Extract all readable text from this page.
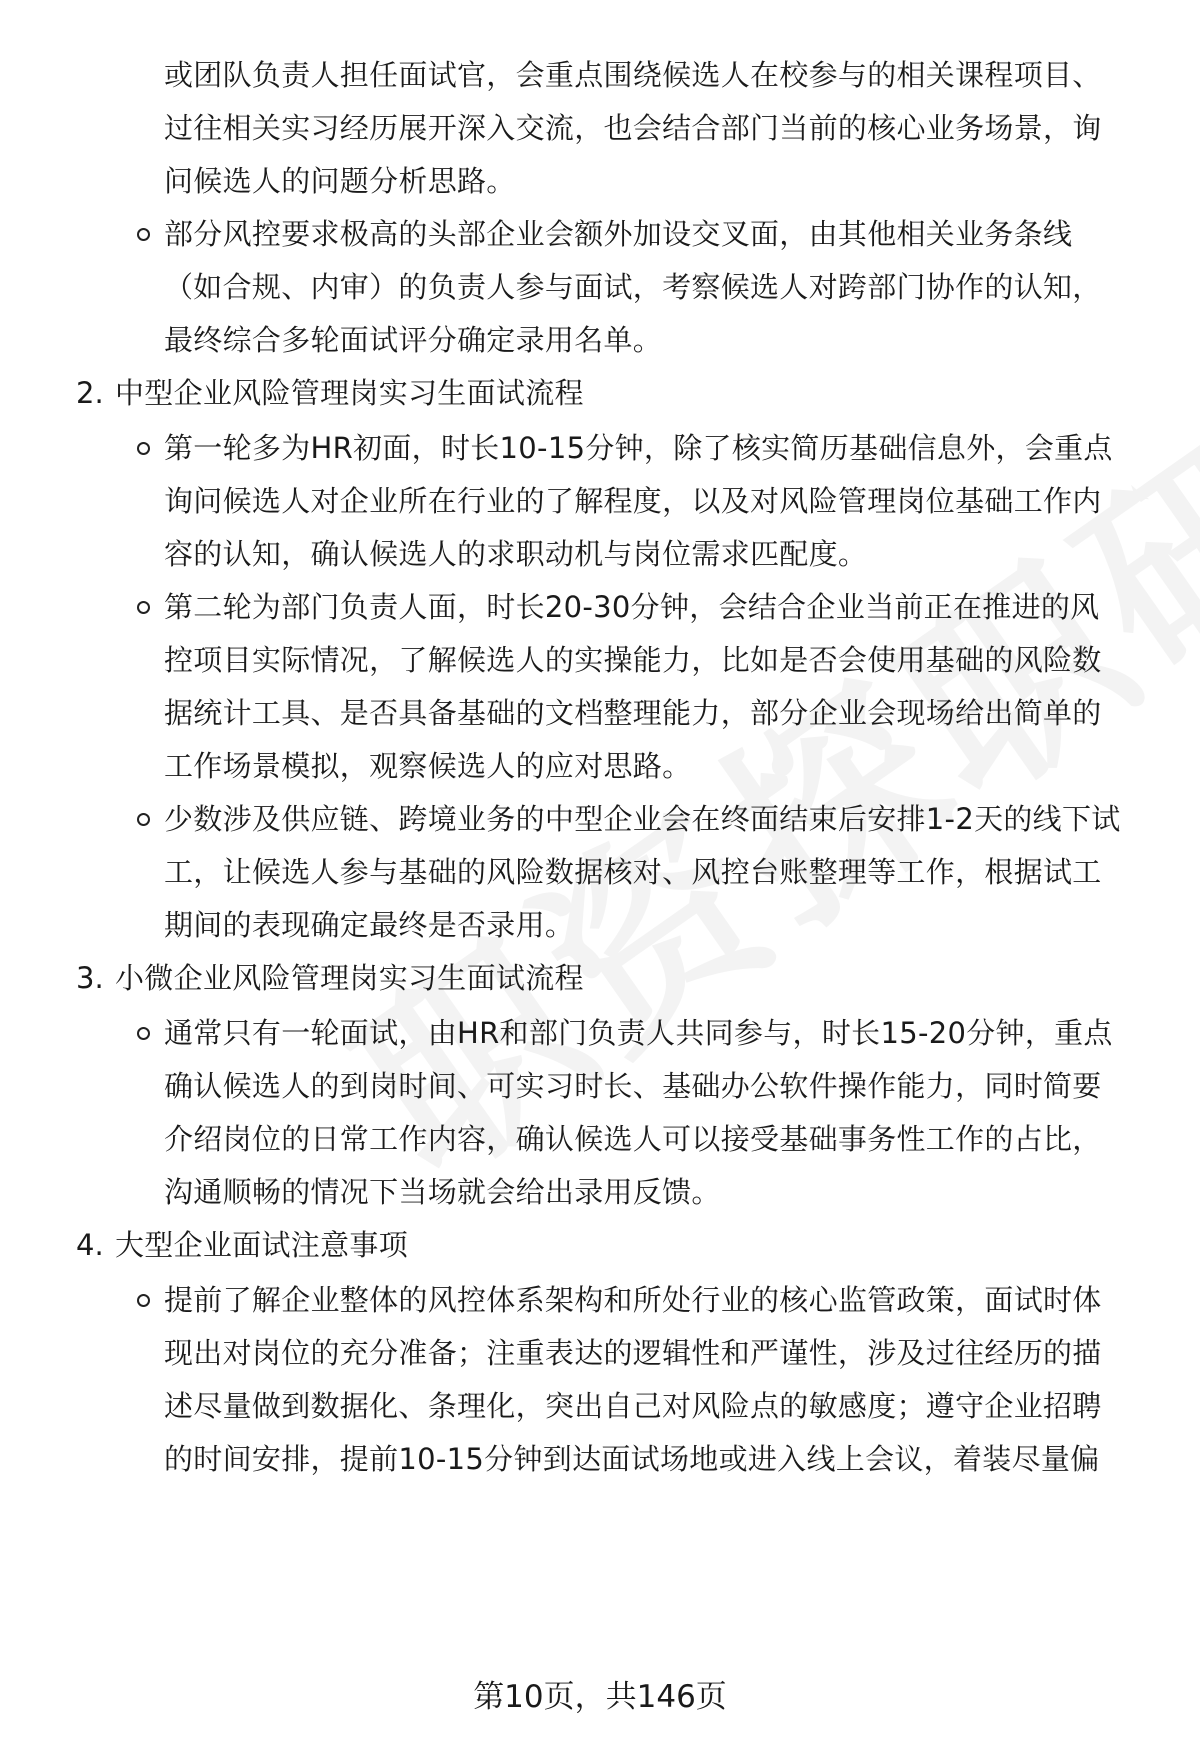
或团队负责人担任面试官，会重点围绕候选人在校参与的相关课程项目、
过往相关实习经历展开深入交流，也会结合部门当前的核心业务场景，询
问候选人的问题分析思路。
部分风控要求极高的头部企业会额外加设交叉面，由其他相关业务条线
（如合规、内审）的负责人参与面试，考察候选人对跨部门协作的认知，
最终综合多轮面试评分确定录用名单。
2. 中型企业风险管理岗实习生面试流程
第一轮多为HR初面，时长10-15分钟，除了核实简历基础信息外，会重点
询问候选人对企业所在行业的了解程度，以及对风险管理岗位基础工作内
容的认知，确认候选人的求职动机与岗位需求匹配度。
第二轮为部门负责人面，时长20-30分钟，会结合企业当前正在推进的风
控项目实际情况，了解候选人的实操能力，比如是否会使用基础的风险数
据统计工具、是否具备基础的文档整理能力，部分企业会现场给出简单的
工作场景模拟，观察候选人的应对思路。
少数涉及供应链、跨境业务的中型企业会在终面结束后安排1-2天的线下试
工，让候选人参与基础的风险数据核对、风控台账整理等工作，根据试工
期间的表现确定最终是否录用。
3. 小微企业风险管理岗实习生面试流程
通常只有一轮面试，由HR和部门负责人共同参与，时长15-20分钟，重点
确认候选人的到岗时间、可实习时长、基础办公软件操作能力，同时简要
介绍岗位的日常工作内容，确认候选人可以接受基础事务性工作的占比，
沟通顺畅的情况下当场就会给出录用反馈。
4. 大型企业面试注意事项
提前了解企业整体的风控体系架构和所处行业的核心监管政策，面试时体
现出对岗位的充分准备；注重表达的逻辑性和严谨性，涉及过往经历的描
述尽量做到数据化、条理化，突出自己对风险点的敏感度；遵守企业招聘
的时间安排，提前10-15分钟到达面试场地或进入线上会议，着装尽量偏
第10页，共146页
